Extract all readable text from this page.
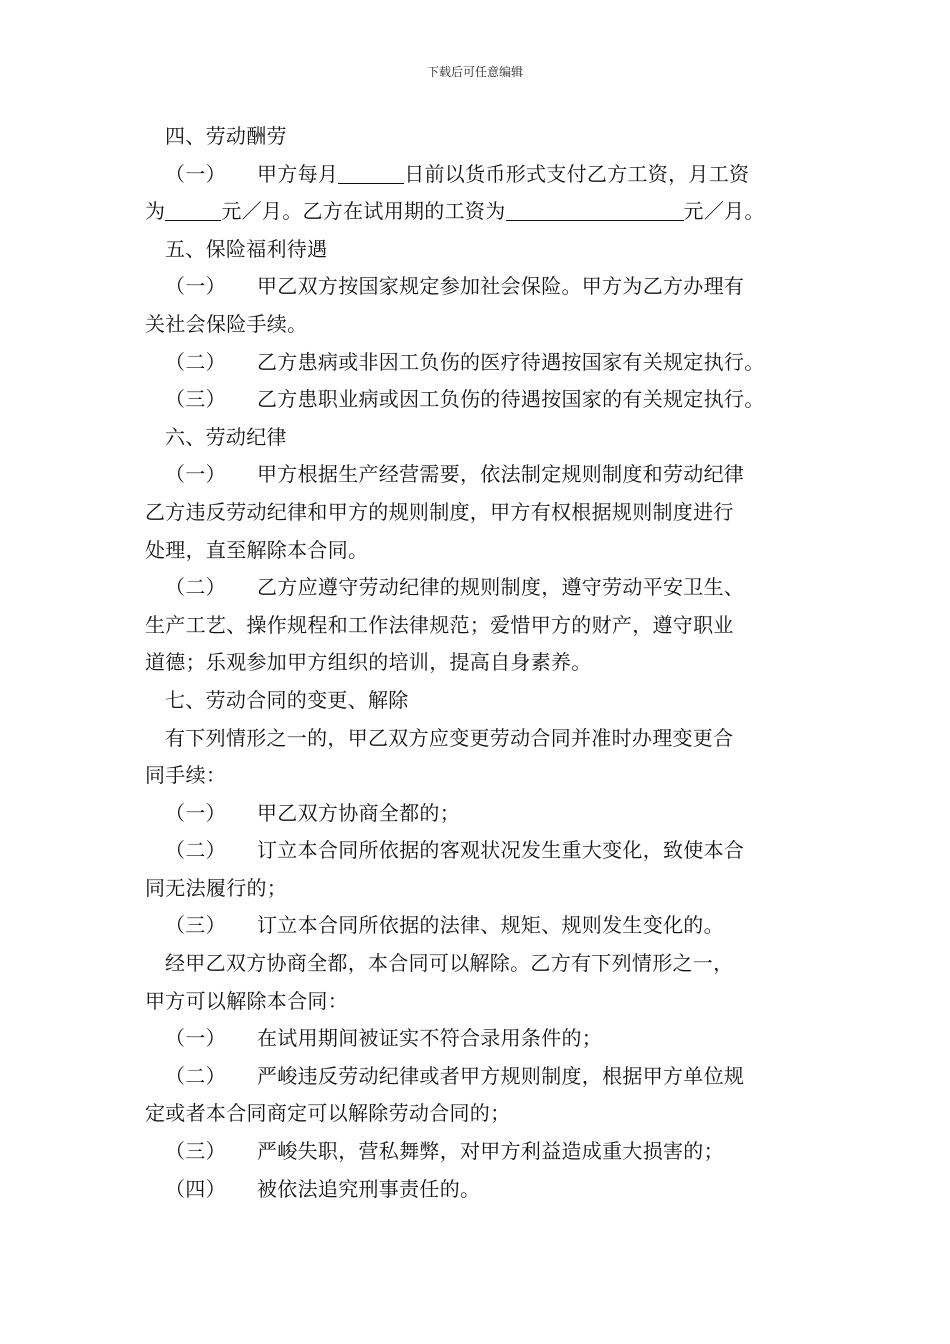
下载后可任意编辑
四、劳动酬劳
（一） 甲方每月	日前以货币形式支付乙方工资，月工资
为	元／月。乙方在试用期的工资为	元／月。
五、保险福利待遇
（一） 甲乙双方按国家规定参加社会保险。甲方为乙方办理有
关社会保险手续。
（二） 乙方患病或非因工负伤的医疗待遇按国家有关规定执行。
（三） 乙方患职业病或因工负伤的待遇按国家的有关规定执行。
六、劳动纪律
（一） 甲方根据生产经营需要，依法制定规则制度和劳动纪律
乙方违反劳动纪律和甲方的规则制度，甲方有权根据规则制度进行
处理，直至解除本合同。
（二） 乙方应遵守劳动纪律的规则制度，遵守劳动平安卫生、
生产工艺、操作规程和工作法律规范；爱惜甲方的财产，遵守职业
道德；乐观参加甲方组织的培训，提高自身素养。
七、劳动合同的变更、解除
有下列情形之一的，甲乙双方应变更劳动合同并准时办理变更合
同手续：
（一） 甲乙双方协商全都的；
（二） 订立本合同所依据的客观状况发生重大变化，致使本合
同无法履行的；
（三） 订立本合同所依据的法律、规矩、规则发生变化的。
经甲乙双方协商全都，本合同可以解除。乙方有下列情形之一，
甲方可以解除本合同：
（一） 在试用期间被证实不符合录用条件的；
（二） 严峻违反劳动纪律或者甲方规则制度，根据甲方单位规
定或者本合同商定可以解除劳动合同的；
（三） 严峻失职，营私舞弊，对甲方利益造成重大损害的；
（四） 被依法追究刑事责任的。
